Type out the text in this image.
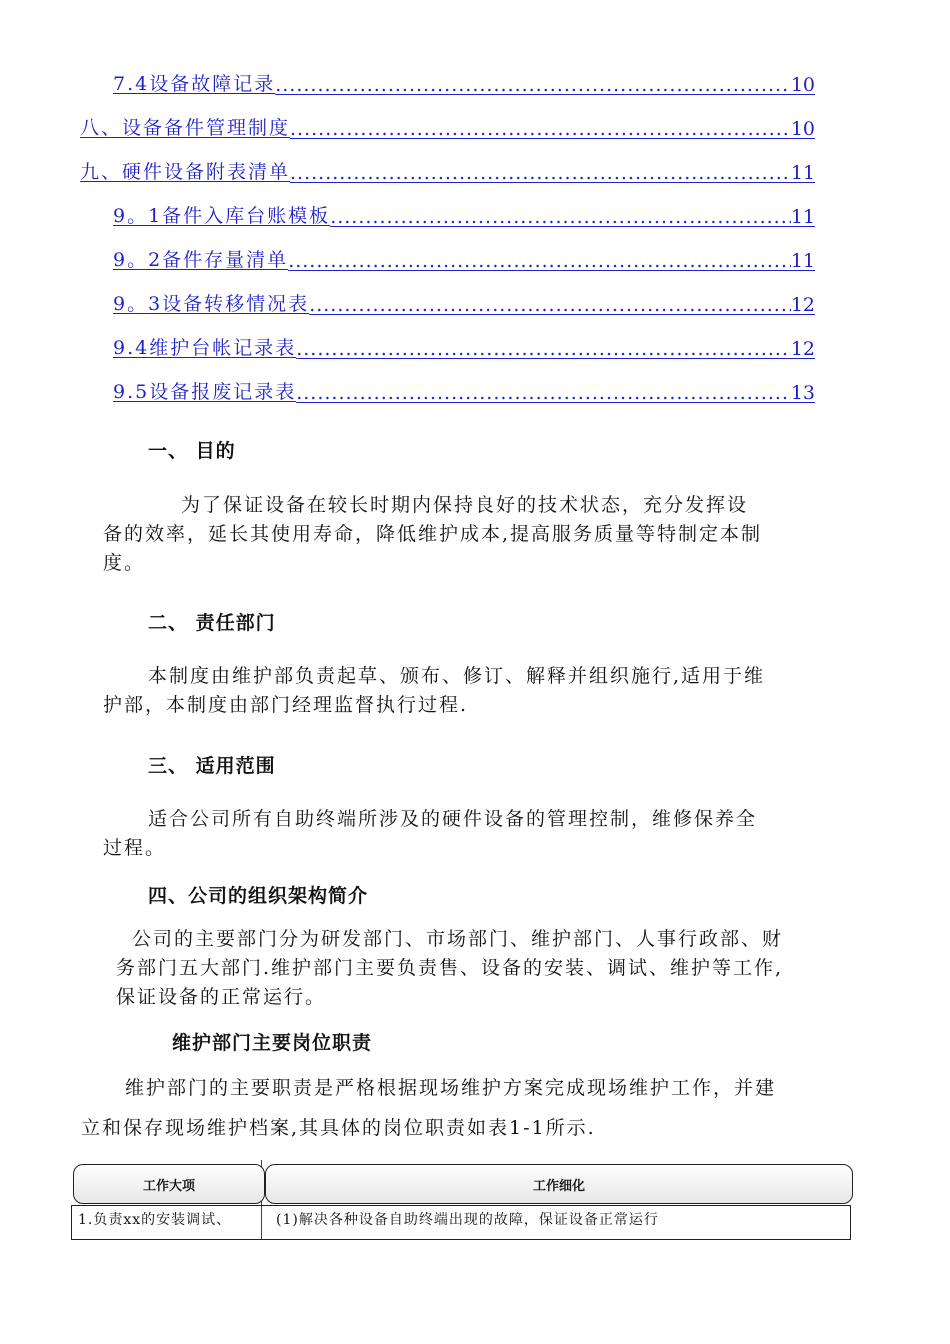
7.4设备故障记录 .....	10
八、设备备件管理制度 .....	10
九、硬件设备附表清单 .....	11
9。1备件入库台账模板 .....	11
9。2备件存量清单 .....	11
9。3设备转移情况表 .....	12
9.4维护台帐记录表 .....	12
9.5设备报废记录表 .....	13
一、 目的
为了保证设备在较长时期内保持良好的技术状态，充分发挥设
备的效率，延长其使用寿命，降低维护成本,提高服务质量等特制定本制
度。
二、 责任部门
本制度由维护部负责起草、颁布、修订、解释并组织施行,适用于维
护部，本制度由部门经理监督执行过程.
三、 适用范围
适合公司所有自助终端所涉及的硬件设备的管理控制，维修保养全
过程。
四、公司的组织架构简介
公司的主要部门分为研发部门、市场部门、维护部门、人事行政部、财
务部门五大部门.维护部门主要负责售、设备的安装、调试、维护等工作,
保证设备的正常运行。
维护部门主要岗位职责
维护部门的主要职责是严格根据现场维护方案完成现场维护工作，并建
立和保存现场维护档案,其具体的岗位职责如表1-1所示.
工作大项	工作细化
1.负责xx的安装调试、	(1)解决各种设备自助终端出现的故障，保证设备正常运行
